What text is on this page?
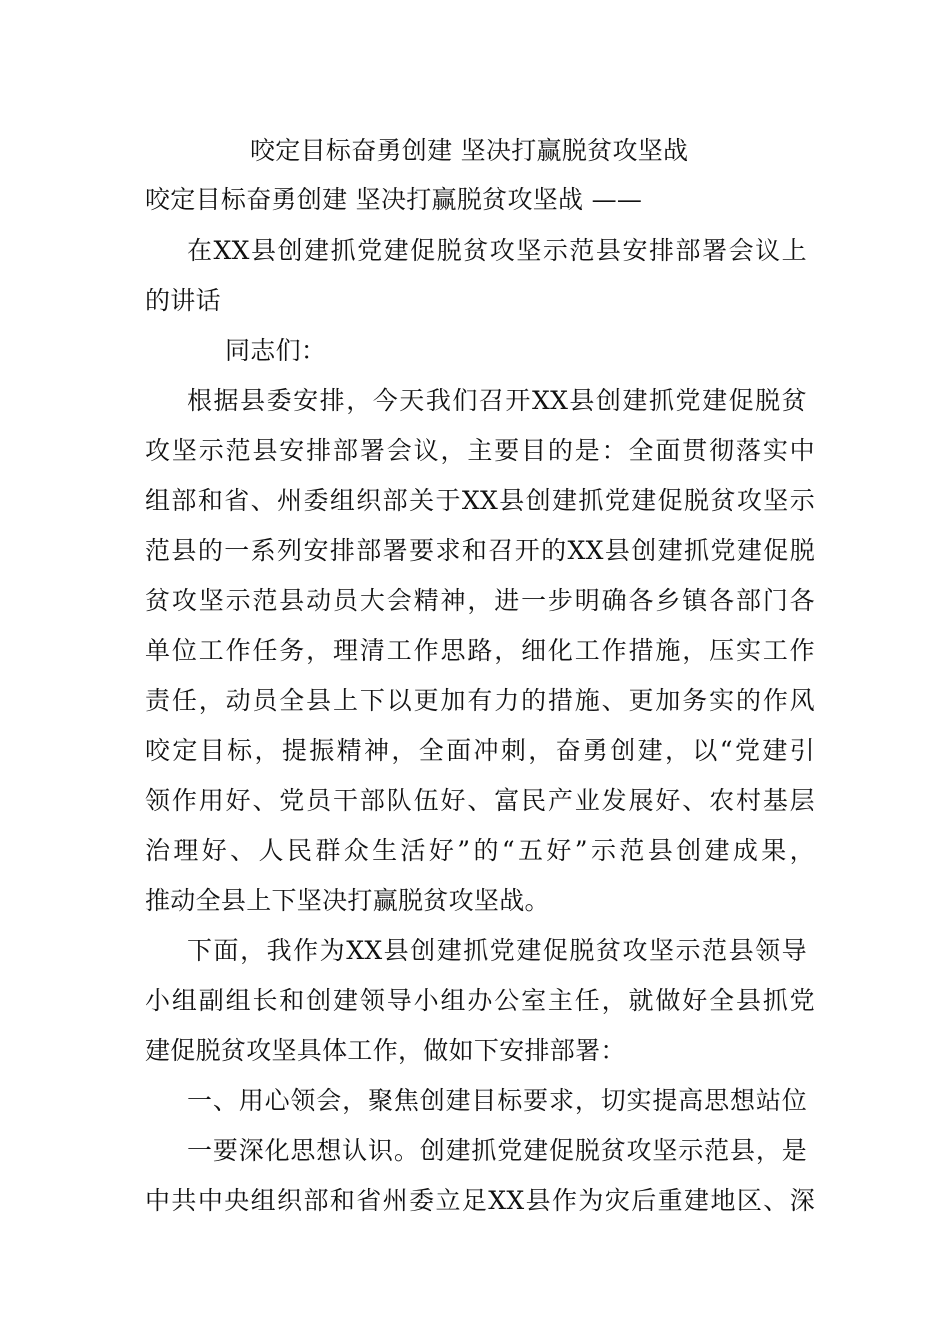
咬定目标奋勇创建 坚决打赢脱贫攻坚战
咬定目标奋勇创建 坚决打赢脱贫攻坚战 ——
在XX县创建抓党建促脱贫攻坚示范县安排部署会议上
的讲话
同志们：
根据县委安排，今天我们召开XX县创建抓党建促脱贫
攻坚示范县安排部署会议，主要目的是：全面贯彻落实中
组部和省、州委组织部关于XX县创建抓党建促脱贫攻坚示
范县的一系列安排部署要求和召开的XX县创建抓党建促脱
贫攻坚示范县动员大会精神，进一步明确各乡镇各部门各
单位工作任务，理清工作思路，细化工作措施，压实工作
责任，动员全县上下以更加有力的措施、更加务实的作风
咬定目标，提振精神，全面冲刺，奋勇创建，以“党建引
领作用好、党员干部队伍好、富民产业发展好、农村基层
治理好、人民群众生活好”的“五好”示范县创建成果，
推动全县上下坚决打赢脱贫攻坚战。
下面，我作为XX县创建抓党建促脱贫攻坚示范县领导
小组副组长和创建领导小组办公室主任，就做好全县抓党
建促脱贫攻坚具体工作，做如下安排部署：
一、用心领会，聚焦创建目标要求，切实提高思想站位
一要深化思想认识。创建抓党建促脱贫攻坚示范县，是
中共中央组织部和省州委立足XX县作为灾后重建地区、深
